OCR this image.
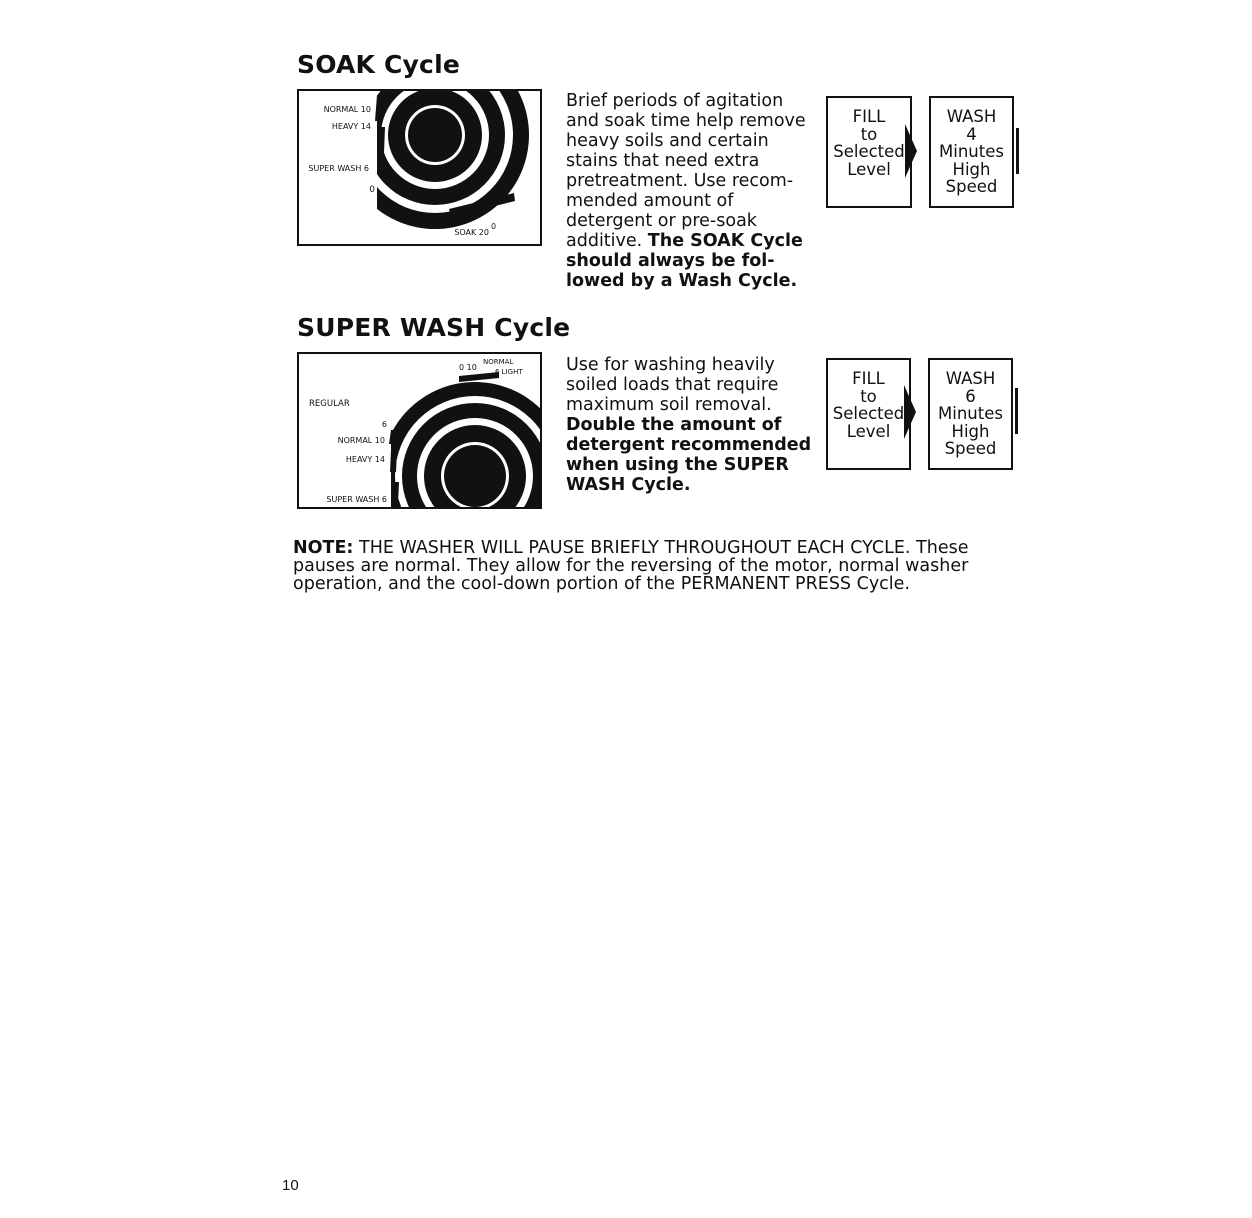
SOAK Cycle
NORMAL 10
HEAVY 14
SUPER WASH 6
0
SOAK 20
0
Brief periods of agitation and soak time help remove heavy soils and certain stains that need extra pretreatment. Use recom- mended amount of detergent or pre-soak additive. The SOAK Cycle should always be fol- lowed by a Wash Cycle.
FILL
to
Selected
Level
WASH
4
Minutes
High
Speed
SUPER WASH Cycle
0 10
NORMAL
6 LIGHT
REGULAR
6
NORMAL 10
HEAVY 14
SUPER WASH 6
Use for washing heavily soiled loads that require maximum soil removal. Double the amount of detergent recommended when using the SUPER WASH Cycle.
FILL
to
Selected
Level
WASH
6
Minutes
High
Speed
NOTE: THE WASHER WILL PAUSE BRIEFLY THROUGHOUT EACH CYCLE. These pauses are normal. They allow for the reversing of the motor, normal washer operation, and the cool-down portion of the PERMANENT PRESS Cycle.
10
